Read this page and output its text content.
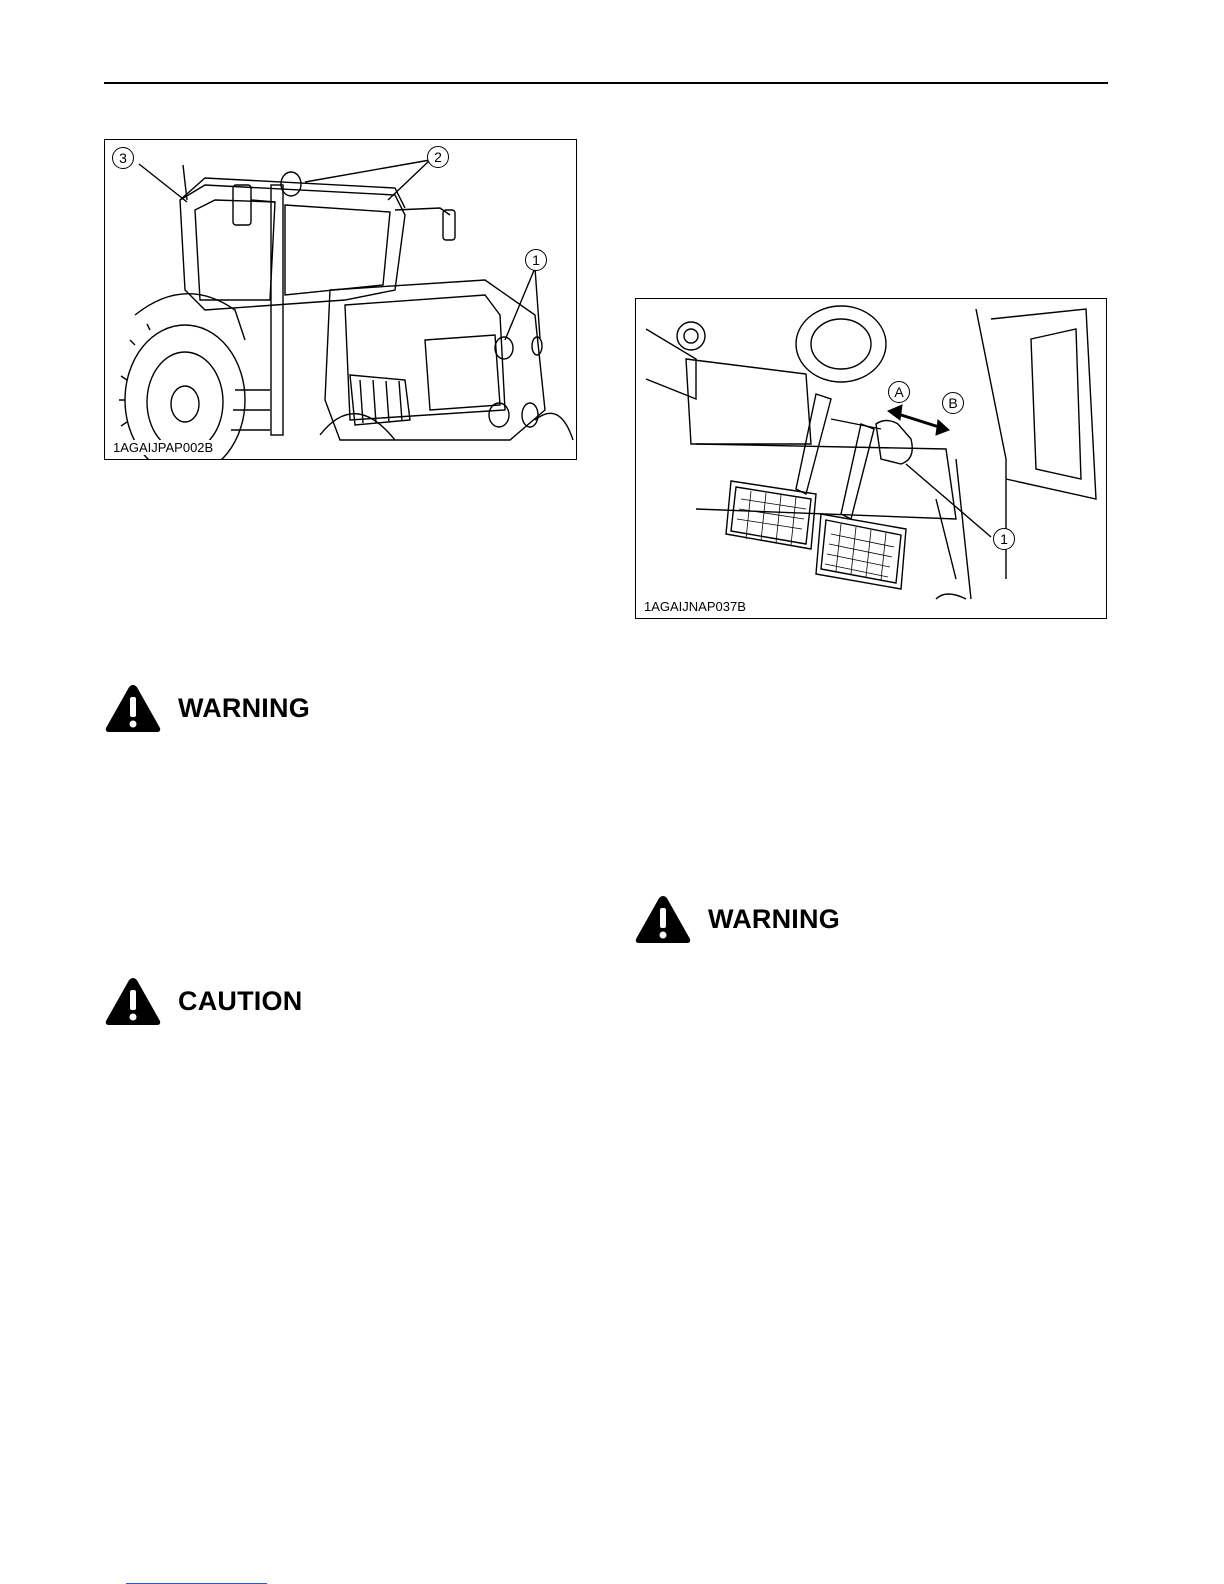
3	2
1
1AGAIJPAP002B
A
B
1
1AGAIJNAP037B
WARNING
CAUTION
WARNING
